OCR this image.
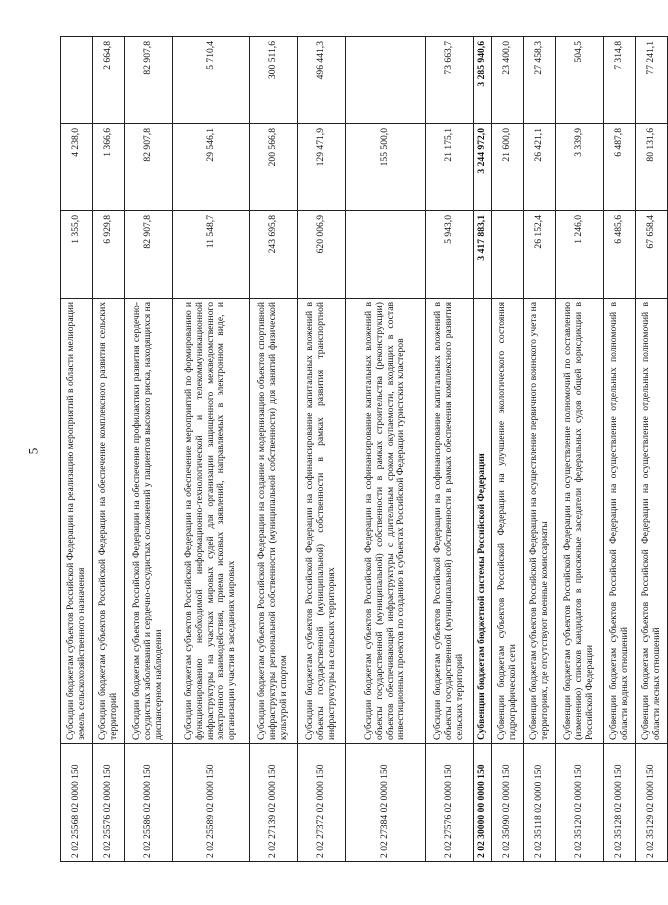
5
2 02 25568 02 0000 150	Субсидии бюджетам субъектов Российской Федерации на реализацию мероприятий в области мелиорации земель сельскохозяйственного назначения	1 355,0	4 238,0	
2 02 25576 02 0000 150	Субсидии бюджетам субъектов Российской Федерации на обеспечение комплексного развития сельских территорий	6 929,8	1 366,6	2 664,8
2 02 25586 02 0000 150	Субсидии бюджетам субъектов Российской Федерации на обеспечение профилактики развития сердечно-сосудистых заболеваний и сердечно-сосудистых осложнений у пациентов высокого риска, находящихся на диспансерном наблюдении	82 907,8	82 907,8	82 907,8
2 02 25589 02 0000 150	Субсидии бюджетам субъектов Российской Федерации на обеспечение мероприятий по формированию и функционированию необходимой информационно-технологической и телекоммуникационной инфраструктуры на участках мировых судей для организации защищенного межведомственного электронного взаимодействия, приема исковых заявлений, направляемых в электронном виде, и организации участия в заседаниях мировых	11 548,7	29 546,1	5 710,4
2 02 27139 02 0000 150	Субсидии бюджетам субъектов Российской Федерации на создание и модернизацию объектов спортивной инфраструктуры региональной собственности (муниципальной собственности) для занятий физической культурой и спортом	243 695,8	200 566,8	300 511,6
2 02 27372 02 0000 150	Субсидии бюджетам субъектов Российской Федерации на софинансирование капитальных вложений в объекты государственной (муниципальной) собственности в рамках развития транспортной инфраструктуры на сельских территориях	620 006,9	129 471,9	496 441,3
2 02 27384 02 0000 150	Субсидии бюджетам субъектов Российской Федерации на софинансирование капитальных вложений в объекты государственной (муниципальной) собственности в рамках строительства (реконструкции) объектов обеспечивающей инфраструктуры с длительным сроком окупаемости, входящих в состав инвестиционных проектов по созданию в субъектах Российской Федерации туристских кластеров		155 500,0	
2 02 27576 02 0000 150	Субсидии бюджетам субъектов Российской Федерации на софинансирование капитальных вложений в объекты государственной (муниципальной) собственности в рамках обеспечения комплексного развития сельских территорий	5 943,0	21 175,1	73 663,7
2 02 30000 00 0000 150	Субвенции бюджетам бюджетной системы Российской Федерации	3 417 883,1	3 244 972,0	3 285 940,6
2 02 35090 02 0000 150	Субвенции бюджетам субъектов Российской Федерации на улучшение экологического состояния гидрографической сети		21 600,0	23 400,0
2 02 35118 02 0000 150	Субвенции бюджетам субъектов Российской Федерации на осуществление первичного воинского учета на территориях, где отсутствуют военные комиссариаты	26 152,4	26 421,1	27 458,3
2 02 35120 02 0000 150	Субвенции бюджетам субъектов Российской Федерации на осуществление полномочий по составлению (изменению) списков кандидатов в присяжные заседатели федеральных судов общей юрисдикции в Российской Федерации	1 246,0	3 339,9	504,5
2 02 35128 02 0000 150	Субвенции бюджетам субъектов Российской Федерации на осуществление отдельных полномочий в области водных отношений	6 485,6	6 487,8	7 314,8
2 02 35129 02 0000 150	Субвенции бюджетам субъектов Российской Федерации на осуществление отдельных полномочий в области лесных отношений	67 658,4	80 131,6	77 241,1
